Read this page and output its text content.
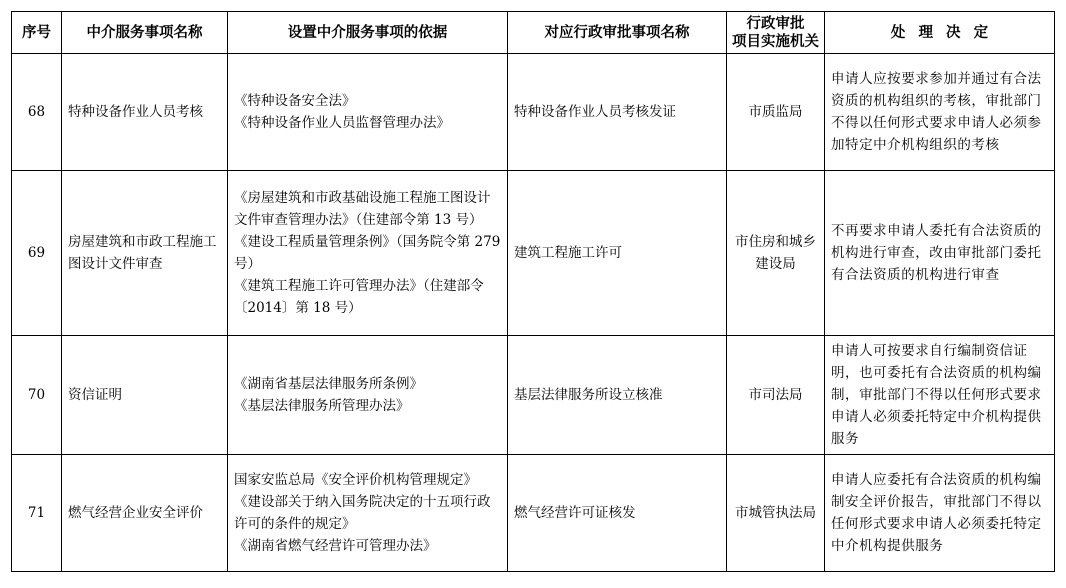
序号	中介服务事项名称	设置中介服务事项的依据	对应行政审批事项名称	行政审批
项目实施机关	处理决定
68	特种设备作业人员考核	《特种设备安全法》
《特种设备作业人员监督管理办法》	特种设备作业人员考核发证	市质监局	申请人应按要求参加并通过有合法资质的机构组织的考核，审批部门不得以任何形式要求申请人必须参加特定中介机构组织的考核
69	房屋建筑和市政工程施工图设计文件审查	《房屋建筑和市政基础设施工程施工图设计文件审查管理办法》（住建部令第 13 号）
《建设工程质量管理条例》（国务院令第 279 号）
《建筑工程施工许可管理办法》（住建部令〔2014〕第 18 号）	建筑工程施工许可	市住房和城乡建设局	不再要求申请人委托有合法资质的机构进行审查，改由审批部门委托有合法资质的机构进行审查
70	资信证明	《湖南省基层法律服务所条例》
《基层法律服务所管理办法》	基层法律服务所设立核准	市司法局	申请人可按要求自行编制资信证明，也可委托有合法资质的机构编制，审批部门不得以任何形式要求申请人必须委托特定中介机构提供服务
71	燃气经营企业安全评价	国家安监总局《安全评价机构管理规定》
《建设部关于纳入国务院决定的十五项行政许可的条件的规定》
《湖南省燃气经营许可管理办法》	燃气经营许可证核发	市城管执法局	申请人应委托有合法资质的机构编制安全评价报告，审批部门不得以任何形式要求申请人必须委托特定中介机构提供服务
